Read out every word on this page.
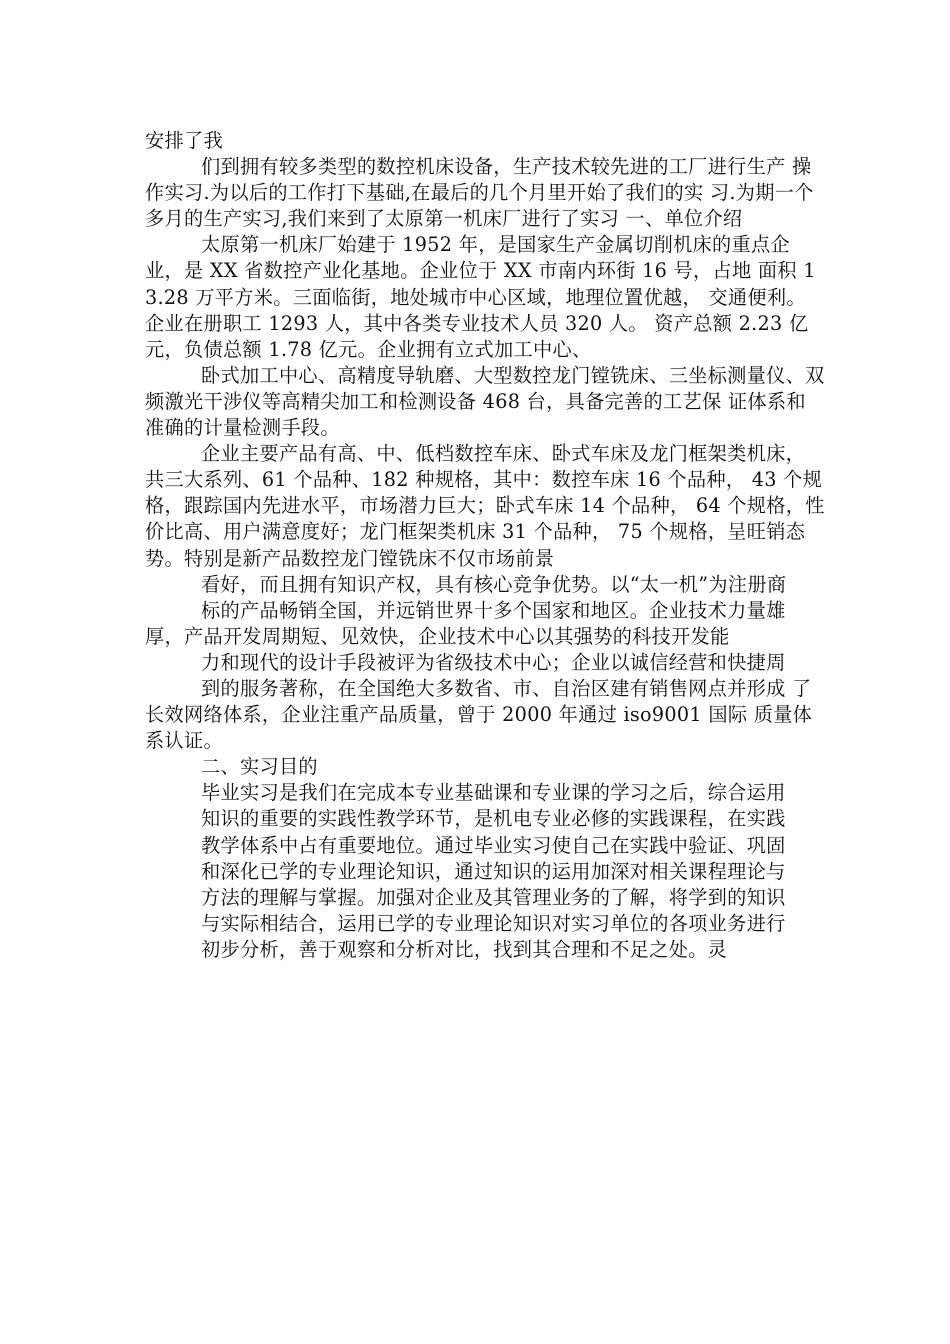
安排了我

们到拥有较多类型的数控机床设备，生产技术较先进的工厂进行生产 操作实习.为以后的工作打下基础,在最后的几个月里开始了我们的实 习.为期一个多月的生产实习,我们来到了太原第一机床厂进行了实习 一、单位介绍

太原第一机床厂始建于 1952 年，是国家生产金属切削机床的重点企 业，是 XX 省数控产业化基地。企业位于 XX 市南内环街 16 号，占地 面积 13.28 万平方米。三面临街，地处城市中心区域，地理位置优越， 交通便利。企业在册职工 1293 人，其中各类专业技术人员 320 人。 资产总额 2.23 亿元，负债总额 1.78 亿元。企业拥有立式加工中心、

卧式加工中心、高精度导轨磨、大型数控龙门镗铣床、三坐标测量仪、双频激光干涉仪等高精尖加工和检测设备 468 台，具备完善的工艺保 证体系和准确的计量检测手段。

企业主要产品有高、中、低档数控车床、卧式车床及龙门框架类机床， 共三大系列、61 个品种、182 种规格，其中：数控车床 16 个品种， 43 个规格，跟踪国内先进水平，市场潜力巨大；卧式车床 14 个品种， 64 个规格，性价比高、用户满意度好；龙门框架类机床 31 个品种， 75 个规格，呈旺销态势。特别是新产品数控龙门镗铣床不仅市场前景

看好，而且拥有知识产权，具有核心竞争优势。以“太一机”为注册商

标的产品畅销全国，并远销世界十多个国家和地区。企业技术力量雄 厚，产品开发周期短、见效快，企业技术中心以其强势的科技开发能

力和现代的设计手段被评为省级技术中心；企业以诚信经营和快捷周

到的服务著称，在全国绝大多数省、市、自治区建有销售网点并形成 了长效网络体系，企业注重产品质量，曾于 2000 年通过 iso9001 国际 质量体系认证。

二、实习目的

毕业实习是我们在完成本专业基础课和专业课的学习之后，综合运用

知识的重要的实践性教学环节，是机电专业必修的实践课程，在实践

教学体系中占有重要地位。通过毕业实习使自己在实践中验证、巩固

和深化已学的专业理论知识，通过知识的运用加深对相关课程理论与

方法的理解与掌握。加强对企业及其管理业务的了解，将学到的知识

与实际相结合，运用已学的专业理论知识对实习单位的各项业务进行

初步分析，善于观察和分析对比，找到其合理和不足之处。灵
